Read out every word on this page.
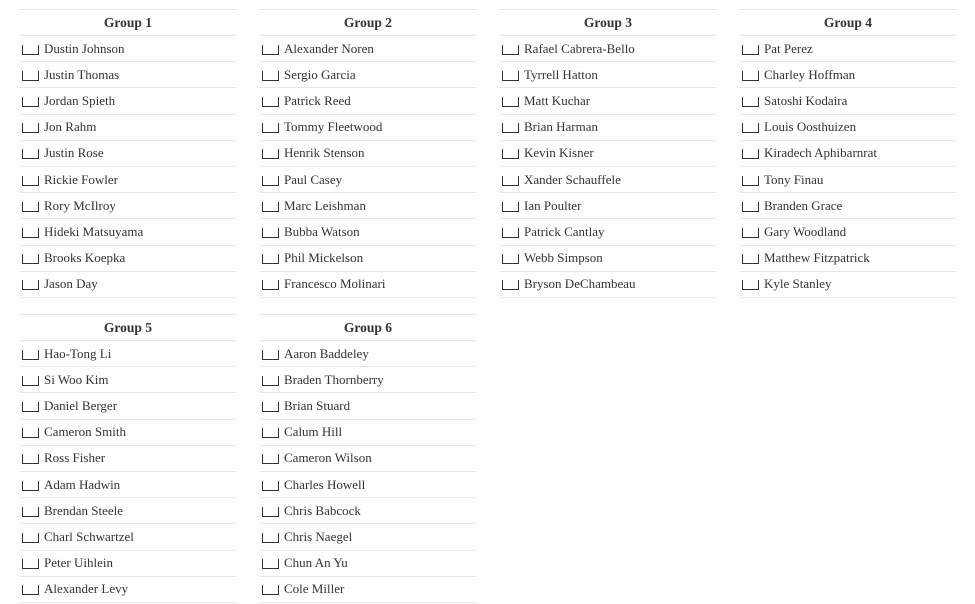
Group 1
Dustin Johnson
Justin Thomas
Jordan Spieth
Jon Rahm
Justin Rose
Rickie Fowler
Rory McIlroy
Hideki Matsuyama
Brooks Koepka
Jason Day
Group 2
Alexander Noren
Sergio Garcia
Patrick Reed
Tommy Fleetwood
Henrik Stenson
Paul Casey
Marc Leishman
Bubba Watson
Phil Mickelson
Francesco Molinari
Group 3
Rafael Cabrera-Bello
Tyrrell Hatton
Matt Kuchar
Brian Harman
Kevin Kisner
Xander Schauffele
Ian Poulter
Patrick Cantlay
Webb Simpson
Bryson DeChambeau
Group 4
Pat Perez
Charley Hoffman
Satoshi Kodaira
Louis Oosthuizen
Kiradech Aphibarnrat
Tony Finau
Branden Grace
Gary Woodland
Matthew Fitzpatrick
Kyle Stanley
Group 5
Hao-Tong Li
Si Woo Kim
Daniel Berger
Cameron Smith
Ross Fisher
Adam Hadwin
Brendan Steele
Charl Schwartzel
Peter Uihlein
Alexander Levy
Group 6
Aaron Baddeley
Braden Thornberry
Brian Stuard
Calum Hill
Cameron Wilson
Charles Howell
Chris Babcock
Chris Naegel
Chun An Yu
Cole Miller
